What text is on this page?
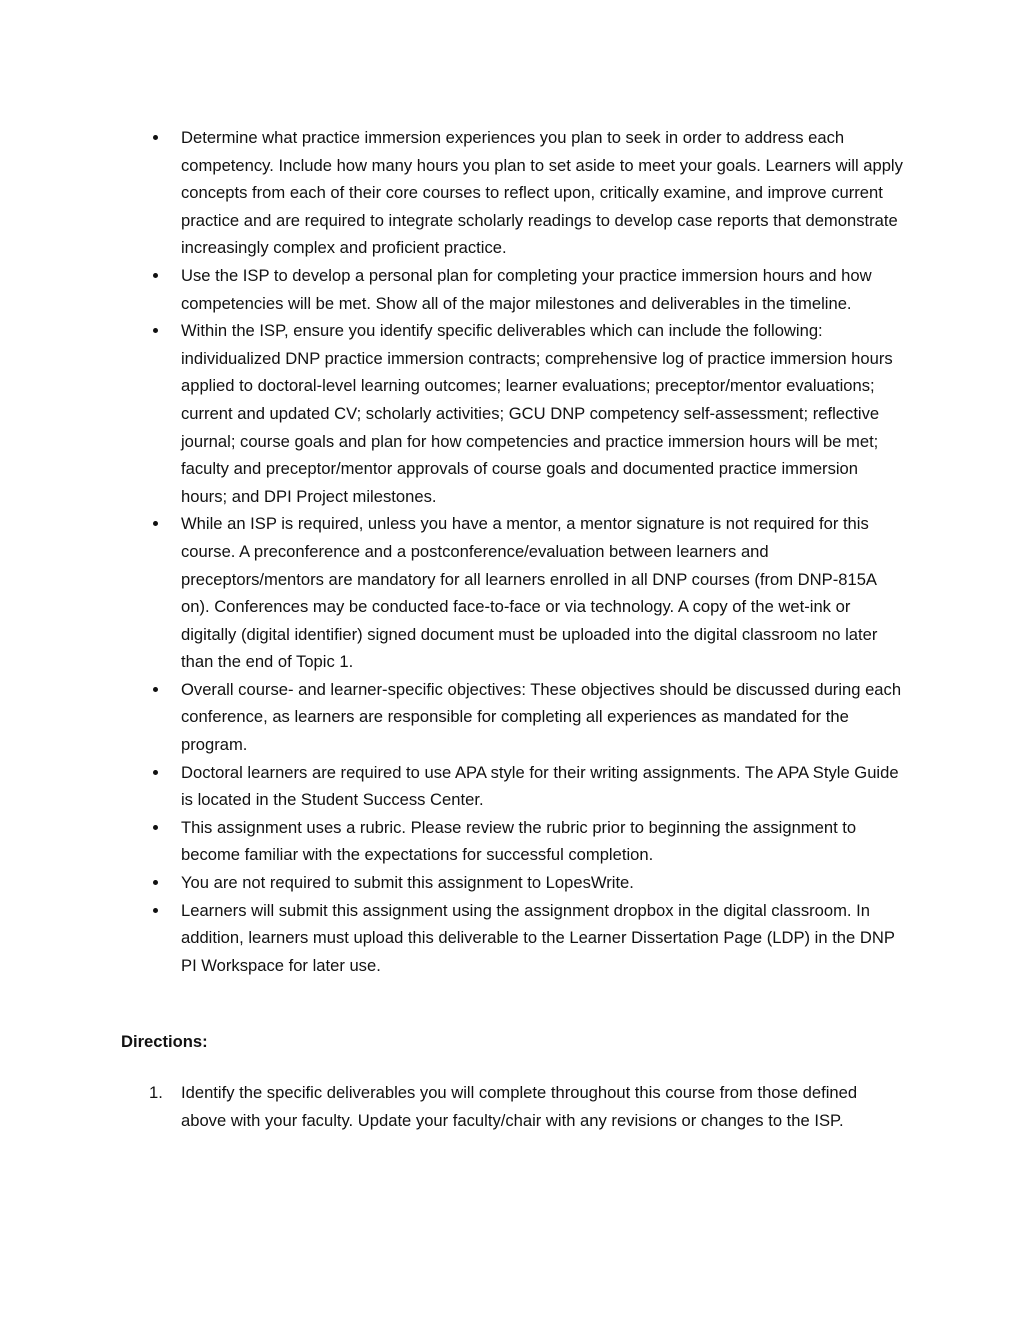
Determine what practice immersion experiences you plan to seek in order to address each competency. Include how many hours you plan to set aside to meet your goals. Learners will apply concepts from each of their core courses to reflect upon, critically examine, and improve current practice and are required to integrate scholarly readings to develop case reports that demonstrate increasingly complex and proficient practice.
Use the ISP to develop a personal plan for completing your practice immersion hours and how competencies will be met. Show all of the major milestones and deliverables in the timeline.
Within the ISP, ensure you identify specific deliverables which can include the following: individualized DNP practice immersion contracts; comprehensive log of practice immersion hours applied to doctoral-level learning outcomes; learner evaluations; preceptor/mentor evaluations; current and updated CV; scholarly activities; GCU DNP competency self-assessment; reflective journal; course goals and plan for how competencies and practice immersion hours will be met; faculty and preceptor/mentor approvals of course goals and documented practice immersion hours; and DPI Project milestones.
While an ISP is required, unless you have a mentor, a mentor signature is not required for this course. A preconference and a postconference/evaluation between learners and preceptors/mentors are mandatory for all learners enrolled in all DNP courses (from DNP-815A on). Conferences may be conducted face-to-face or via technology. A copy of the wet-ink or digitally (digital identifier) signed document must be uploaded into the digital classroom no later than the end of Topic 1.
Overall course- and learner-specific objectives: These objectives should be discussed during each conference, as learners are responsible for completing all experiences as mandated for the program.
Doctoral learners are required to use APA style for their writing assignments. The APA Style Guide is located in the Student Success Center.
This assignment uses a rubric. Please review the rubric prior to beginning the assignment to become familiar with the expectations for successful completion.
You are not required to submit this assignment to LopesWrite.
Learners will submit this assignment using the assignment dropbox in the digital classroom. In addition, learners must upload this deliverable to the Learner Dissertation Page (LDP) in the DNP PI Workspace for later use.

Directions:

1. Identify the specific deliverables you will complete throughout this course from those defined above with your faculty. Update your faculty/chair with any revisions or changes to the ISP.
